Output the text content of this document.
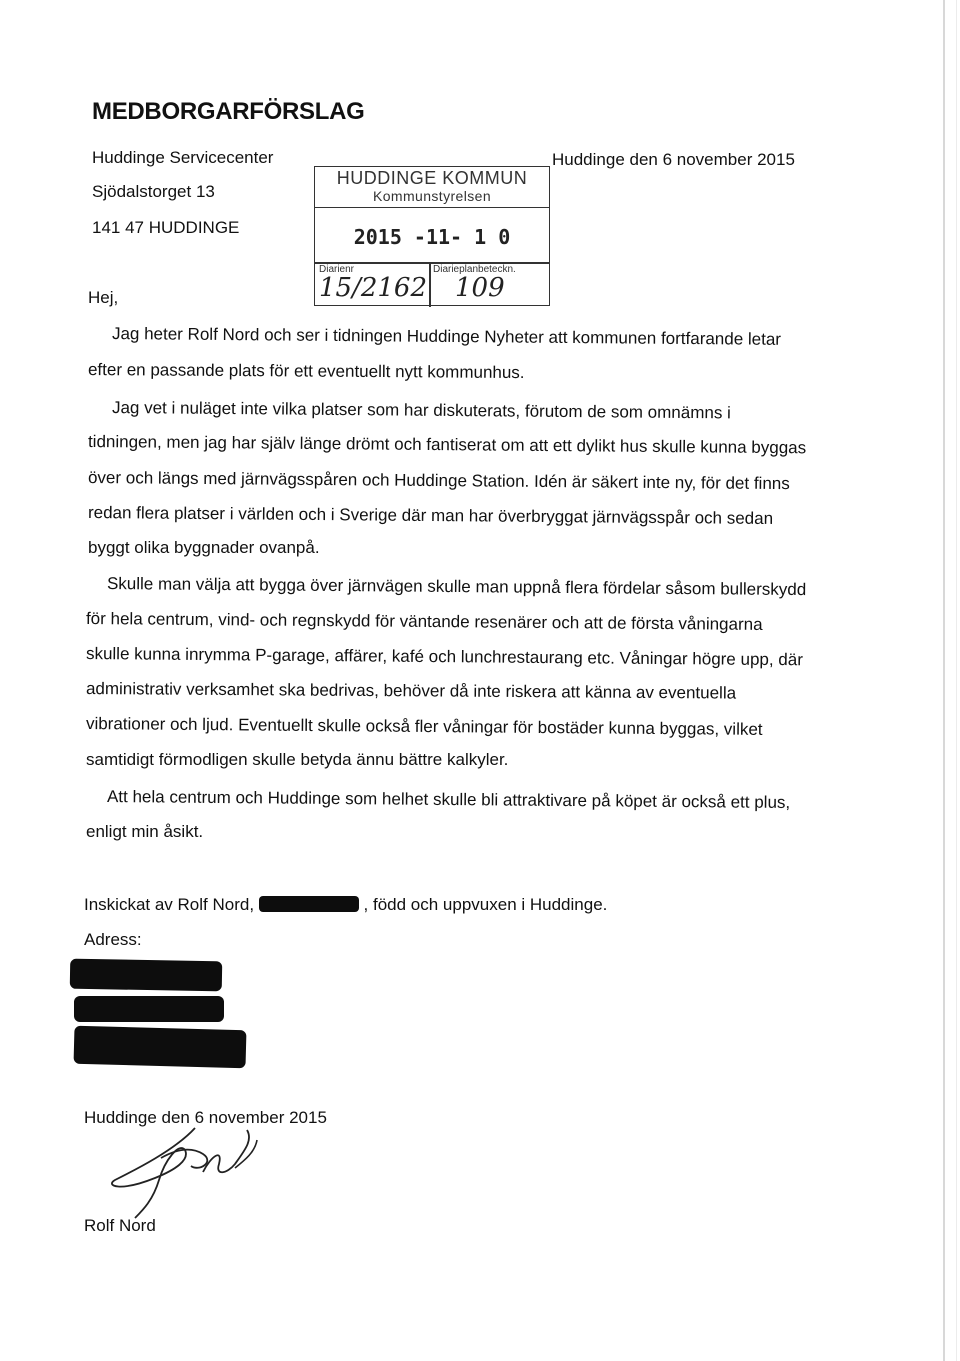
MEDBORGARFÖRSLAG
Huddinge Servicecenter
Sjödalstorget 13
141 47 HUDDINGE
Huddinge den 6 november 2015
HUDDINGE KOMMUN
Kommunstyrelsen
2015 -11- 1 0
Diarienr	Diarieplanbeteckn.
15/2162 109
Hej,
Jag heter Rolf Nord och ser i tidningen Huddinge Nyheter att kommunen fortfarande letar
efter en passande plats för ett eventuellt nytt kommunhus.
Jag vet i nuläget inte vilka platser som har diskuterats, förutom de som omnämns i
tidningen, men jag har själv länge drömt och fantiserat om att ett dylikt hus skulle kunna byggas
över och längs med järnvägsspåren och Huddinge Station. Idén är säkert inte ny, för det finns
redan flera platser i världen och i Sverige där man har överbryggat järnvägsspår och sedan
byggt olika byggnader ovanpå.
Skulle man välja att bygga över järnvägen skulle man uppnå flera fördelar såsom bullerskydd
för hela centrum, vind- och regnskydd för väntande resenärer och att de första våningarna
skulle kunna inrymma P-garage, affärer, kafé och lunchrestaurang etc. Våningar högre upp, där
administrativ verksamhet ska bedrivas, behöver då inte riskera att känna av eventuella
vibrationer och ljud. Eventuellt skulle också fler våningar för bostäder kunna byggas, vilket
samtidigt förmodligen skulle betyda ännu bättre kalkyler.
Att hela centrum och Huddinge som helhet skulle bli attraktivare på köpet är också ett plus,
enligt min åsikt.
Inskickat av Rolf Nord,	, född och uppvuxen i Huddinge.
Adress:
Huddinge den 6 november 2015
Rolf Nord
